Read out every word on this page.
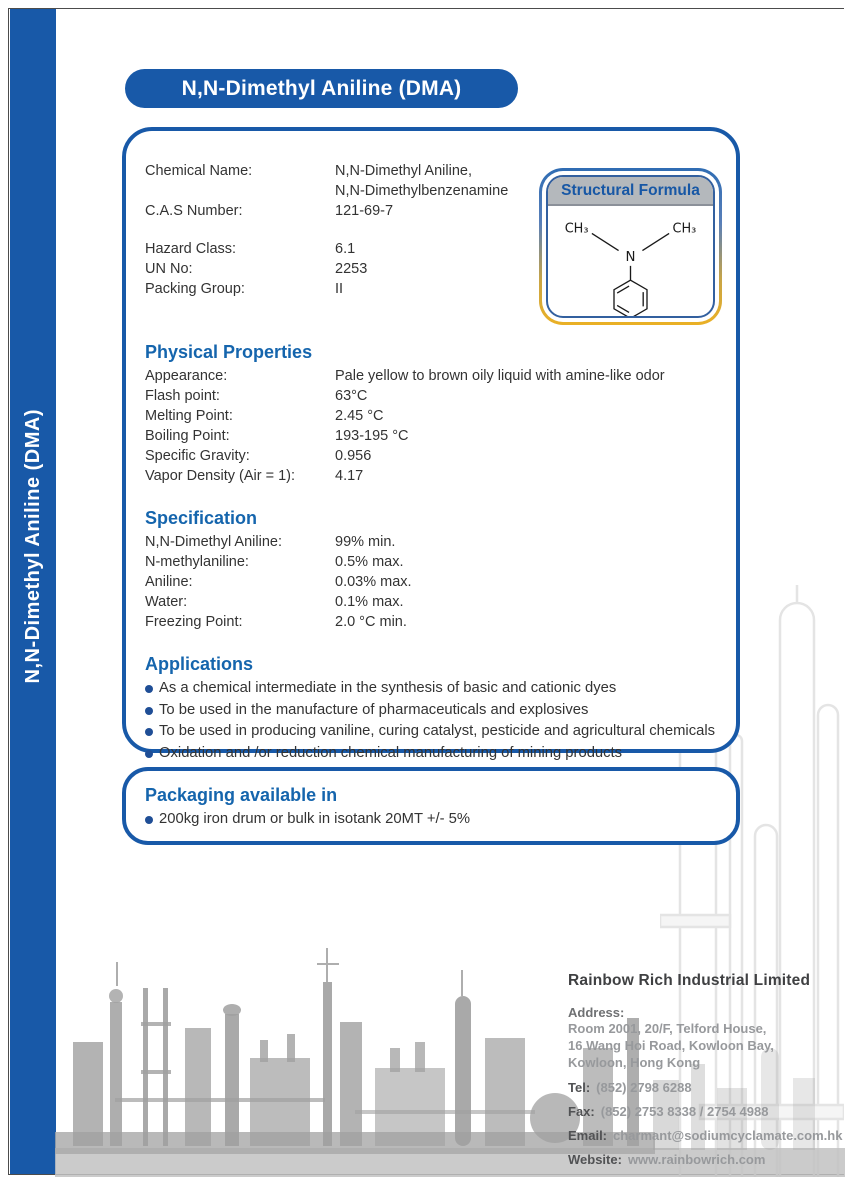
N,N-Dimethyl Aniline (DMA)
N,N-Dimethyl Aniline (DMA)
Structural Formula
CH₃	CH₃
N
Chemical Name:	N,N-Dimethyl Aniline,
N,N-Dimethylbenzenamine
C.A.S Number:	121-69-7
Hazard Class:	6.1
UN No:	2253
Packing Group:	II
Physical Properties
Appearance:	Pale yellow to brown oily liquid with amine-like odor
Flash point:	63°C
Melting Point:	2.45 °C
Boiling Point:	193-195 °C
Specific Gravity:	0.956
Vapor Density (Air = 1):	4.17
Specification
N,N-Dimethyl Aniline:	99% min.
N-methylaniline:	0.5% max.
Aniline:	0.03% max.
Water:	0.1% max.
Freezing Point:	2.0 °C min.
Applications
As a chemical intermediate in the synthesis of basic and cationic dyes
To be used in the manufacture of pharmaceuticals and explosives
To be used in producing vaniline, curing catalyst, pesticide and agricultural chemicals
Oxidation and /or reduction chemical manufacturing of mining products
Packaging available in
200kg iron drum or bulk in isotank 20MT +/- 5%
Rainbow Rich Industrial Limited
Address:
Room 2001, 20/F, Telford House,
16 Wang Hoi Road, Kowloon Bay,
Kowloon, Hong Kong
Tel: (852) 2798 6288
Fax: (852) 2753 8338 / 2754 4988
Email: charmant@sodiumcyclamate.com.hk
Website: www.rainbowrich.com
